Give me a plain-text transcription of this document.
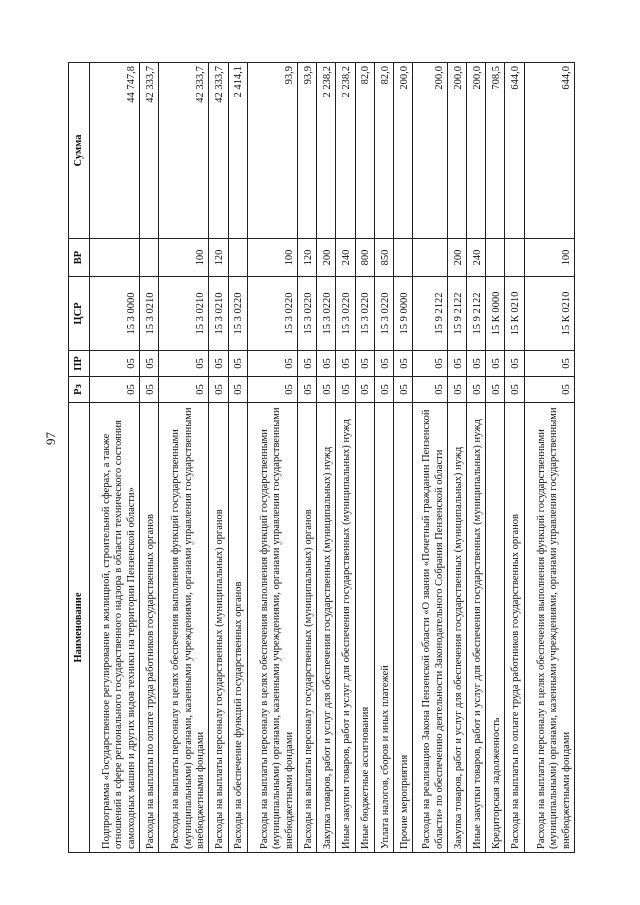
97
Наименование	Рз	ПР	ЦСР	ВР	Сумма
Подпрограмма «Государственное регулирование в жилищной, строительной сферах, а также отношений в сфере регионального государственного надзора в области технического состояния самоходных машин и других видов техники на территории Пензенской области»	05	05	15 3 0000		44 747,8
Расходы на выплаты по оплате труда работников государственных органов	05	05	15 3 0210		42 333,7
Расходы на выплаты персоналу в целях обеспечения выполнения функций государственными (муниципальными) органами, казенными учреждениями, органами управления государственными внебюджетными фондами	05	05	15 3 0210	100	42 333,7
Расходы на выплаты персоналу государственных (муниципальных) органов	05	05	15 3 0210	120	42 333,7
Расходы на обеспечение функций государственных органов	05	05	15 3 0220		2 414,1
Расходы на выплаты персоналу в целях обеспечения выполнения функций государственными (муниципальными) органами, казенными учреждениями, органами управления государственными внебюджетными фондами	05	05	15 3 0220	100	93,9
Расходы на выплаты персоналу государственных (муниципальных) органов	05	05	15 3 0220	120	93,9
Закупка товаров, работ и услуг для обеспечения государственных (муниципальных) нужд	05	05	15 3 0220	200	2 238,2
Иные закупки товаров, работ и услуг для обеспечения государственных (муниципальных) нужд	05	05	15 3 0220	240	2 238,2
Иные бюджетные ассигнования	05	05	15 3 0220	800	82,0
Уплата налогов, сборов и иных платежей	05	05	15 3 0220	850	82,0
Прочие мероприятия	05	05	15 9 0000		200,0
Расходы на реализацию Закона Пензенской области «О звании «Почетный гражданин Пензенской области» по обеспечению деятельности Законодательного Собрания Пензенской области	05	05	15 9 2122		200,0
Закупка товаров, работ и услуг для обеспечения государственных (муниципальных) нужд	05	05	15 9 2122	200	200,0
Иные закупки товаров, работ и услуг для обеспечения государственных (муниципальных) нужд	05	05	15 9 2122	240	200,0
Кредиторская задолженность	05	05	15 К 0000		708,5
Расходы на выплаты по оплате труда работников государственных органов	05	05	15 К 0210		644,0
Расходы на выплаты персоналу в целях обеспечения выполнения функций государственными (муниципальными) органами, казенными учреждениями, органами управления государственными внебюджетными фондами	05	05	15 К 0210	100	644,0
